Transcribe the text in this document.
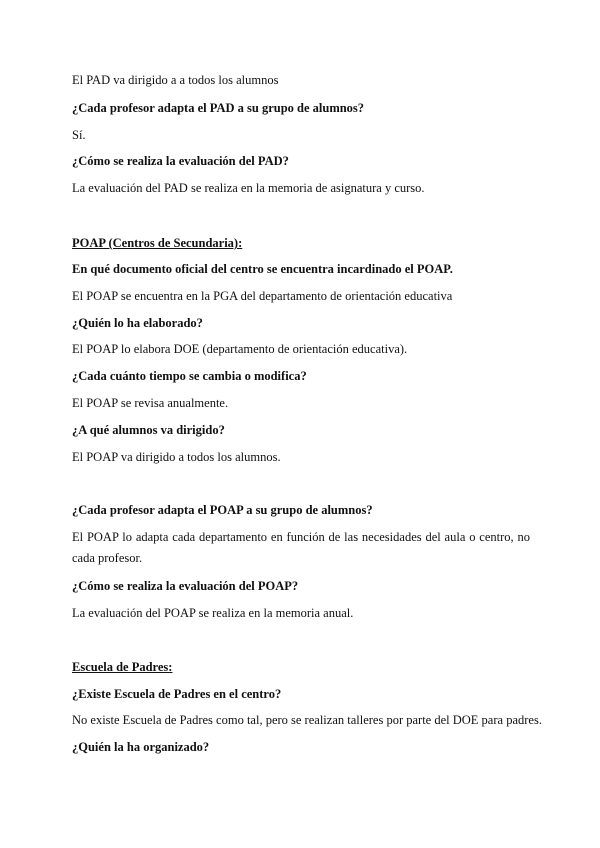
El PAD va dirigido a a todos los alumnos
¿Cada profesor adapta el PAD a su grupo de alumnos?
Sí.
¿Cómo se realiza la evaluación del PAD?
La evaluación del PAD se realiza en la memoria de asignatura y curso.
POAP (Centros de Secundaria):
En qué documento oficial del centro se encuentra incardinado el POAP.
El POAP se encuentra en la PGA del departamento de orientación educativa
¿Quién lo ha elaborado?
El POAP lo elabora DOE (departamento de orientación educativa).
¿Cada cuánto tiempo se cambia o modifica?
El POAP se revisa anualmente.
¿A qué alumnos va dirigido?
El POAP va dirigido a todos los alumnos.
¿Cada profesor adapta el POAP a su grupo de alumnos?
El POAP lo adapta cada departamento en función de las necesidades del aula o centro, no cada profesor.
¿Cómo se realiza la evaluación del POAP?
La evaluación del POAP se realiza en la memoria anual.
Escuela de Padres:
¿Existe Escuela de Padres en el centro?
No existe Escuela de Padres como tal, pero se realizan talleres por parte del DOE para padres.
¿Quién la ha organizado?
